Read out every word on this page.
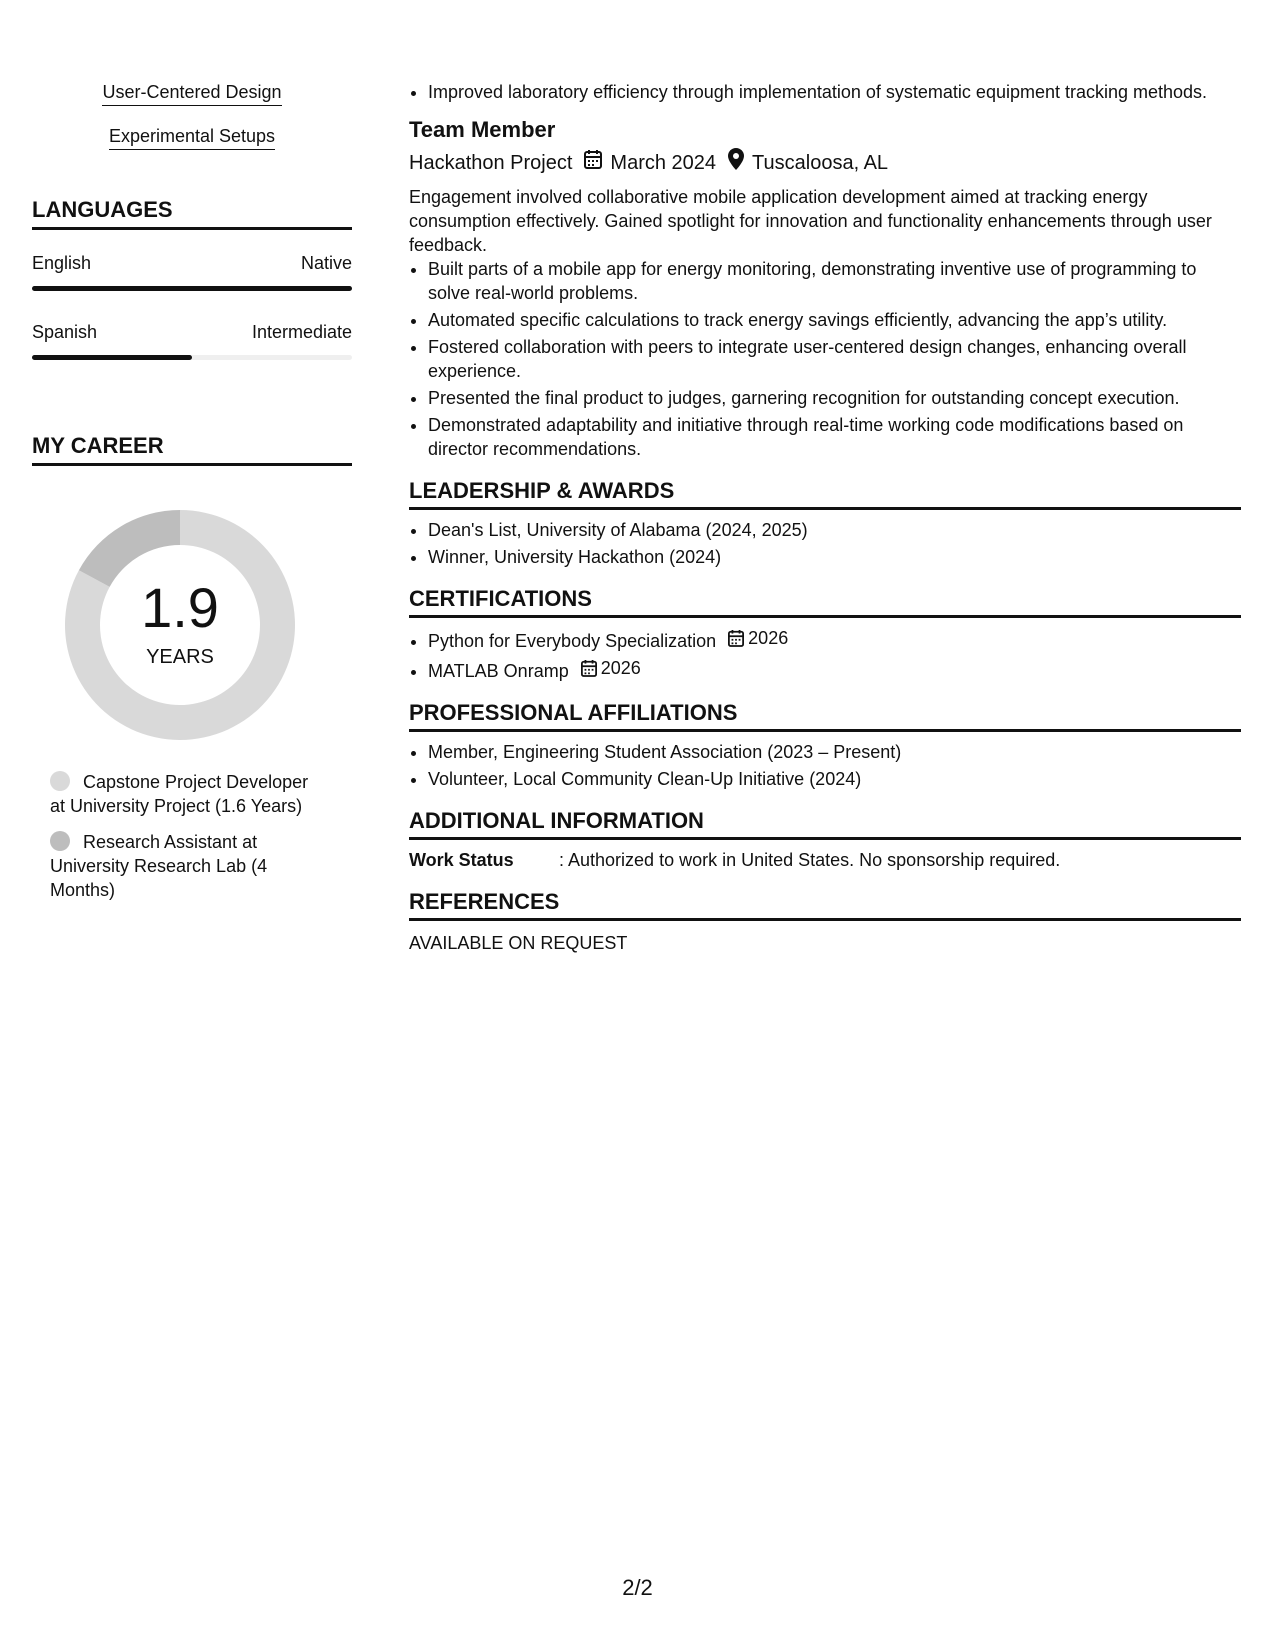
User-Centered Design
Experimental Setups
LANGUAGES
English	Native
Spanish	Intermediate
MY CAREER
1.9
YEARS
Capstone Project Developer at University Project (1.6 Years)
Research Assistant at University Research Lab (4 Months)
• Improved laboratory efficiency through implementation of systematic equipment tracking methods.
Team Member
Hackathon Project March 2024 Tuscaloosa, AL
Engagement involved collaborative mobile application development aimed at tracking energy consumption effectively. Gained spotlight for innovation and functionality enhancements through user feedback.
• Built parts of a mobile app for energy monitoring, demonstrating inventive use of programming to solve real-world problems.
• Automated specific calculations to track energy savings efficiently, advancing the app’s utility.
• Fostered collaboration with peers to integrate user-centered design changes, enhancing overall experience.
• Presented the final product to judges, garnering recognition for outstanding concept execution.
• Demonstrated adaptability and initiative through real-time working code modifications based on director recommendations.
LEADERSHIP & AWARDS
• Dean's List, University of Alabama (2024, 2025)
• Winner, University Hackathon (2024)
CERTIFICATIONS
• Python for Everybody Specialization 2026
• MATLAB Onramp 2026
PROFESSIONAL AFFILIATIONS
• Member, Engineering Student Association (2023 – Present)
• Volunteer, Local Community Clean-Up Initiative (2024)
ADDITIONAL INFORMATION
Work Status	: Authorized to work in United States. No sponsorship required.
REFERENCES
AVAILABLE ON REQUEST
2/2
